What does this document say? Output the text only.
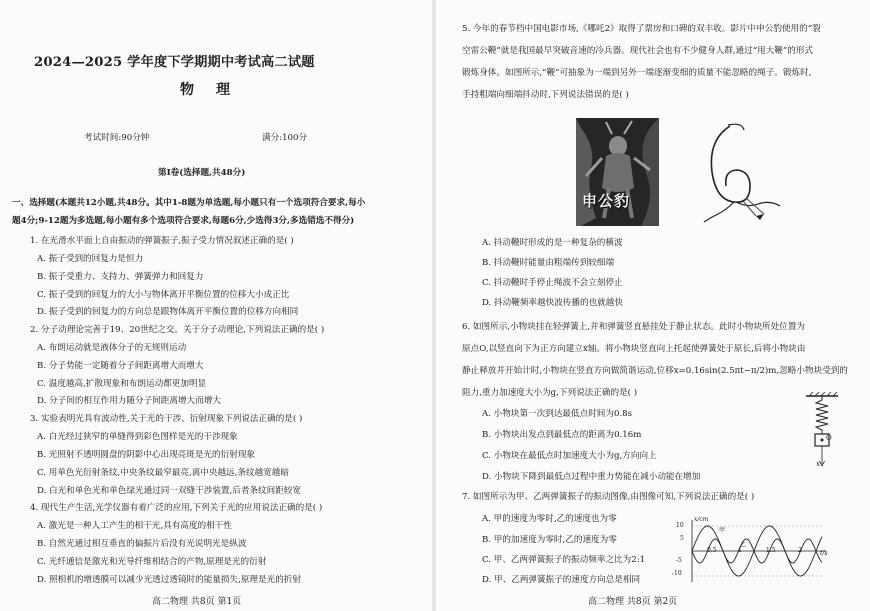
2024—2025 学年度下学期期中考试高二试题
物理
考试时间:90分钟	满分:100分
第Ⅰ卷(选择题,共48分)
一、选择题(本题共12小题,共48分。其中1-8题为单选题,每小题只有一个选项符合要求,每小
题4分;9-12题为多选题,每小题有多个选项符合要求,每题6分,少选得3分,多选错选不得分)
1. 在光滑水平面上自由振动的弹簧振子,振子受力情况叙述正确的是( )
A. 振子受到的回复力是恒力
B. 振子受重力、支持力、弹簧弹力和回复力
C. 振子受到的回复力的大小与物体离开平衡位置的位移大小成正比
D. 振子受到的回复力的方向总是跟物体离开平衡位置的位移方向相同
2. 分子动理论完善于19、20世纪之交。关于分子动理论,下列说法正确的是( )
A. 布朗运动就是液体分子的无规则运动
B. 分子势能一定随着分子间距离增大而增大
C. 温度越高,扩散现象和布朗运动都更加明显
D. 分子间的相互作用力随分子间距离增大而增大
3. 实验表明光具有波动性,关于光的干涉、衍射现象下列说法正确的是( )
A. 白光经过狭窄的单缝得到彩色图样是光的干涉现象
B. 光照射不透明圆盘的阴影中心出现亮斑是光的衍射现象
C. 用单色光衍射条纹,中央条纹最窄最亮,离中央越远,条纹越宽越暗
D. 白光和单色光和单色绿光通过同一双缝干涉装置,后者条纹间距较宽
4. 现代生产生活,光学仪器有着广泛的应用,下列关于光的应用说法正确的是( )
A. 激光是一种人工产生的相干光,具有高度的相干性
B. 自然光通过相互垂直的偏振片后没有光说明光是纵波
C. 光纤通信是激光和光导纤维相结合的产物,原理是光的衍射
D. 照相机的增透膜可以减少光透过透镜时的能量损失,原理是光的折射
高二物理 共8页 第1页
5. 今年的春节档中国电影市场,《哪吒2》取得了票房和口碑的双丰收。影片中申公豹使用的“裂
空雷公鞭”就是我国最早突破音速的冷兵器。现代社会也有不少健身人群,通过“甩大鞭”的形式
锻炼身体。如图所示,“鞭”可抽象为一端到另外一端逐渐变细的质量不能忽略的绳子。锻炼时,
手持粗端向细端抖动时,下列说法错误的是( )
申公豹
A. 抖动鞭时形成的是一种复杂的横波
B. 抖动鞭时能量由粗端传到较细端
C. 抖动鞭时手停止绳波不会立刻停止
D. 抖动鞭频率越快波传播的也就越快
6. 如图所示,小物块挂在轻弹簧上,并和弹簧竖直悬挂处于静止状态。此时小物块所处位置为
原点O,以竖直向下为正方向建立x轴。将小物块竖直向上托起使弹簧处于原长,后将小物块由
静止释放并开始计时,小物块在竖直方向做简谐运动,位移x=0.16sin(2.5πt−π/2)m,忽略小物块受到的
阻力,重力加速度大小为g,下列说法正确的是( )
A. 小物块第一次到达最低点时间为0.8s
B. 小物块出发点到最低点的距离为0.16m
C. 小物块在最低点时加速度大小为g,方向向上
D. 小物块下降到最低点过程中重力势能在减小动能在增加
O
x
7. 如图所示为甲、乙两弹簧振子的振动图像,由图像可知,下列说法正确的是( )
A. 甲的速度为零时,乙的速度也为零
B. 甲的加速度为零时,乙的速度为零
C. 甲、乙两弹簧振子的振动频率之比为2:1
D. 甲、乙两弹簧振子的速度方向总是相同
x/cm
10
5
-5
-10
0.5	1	1.5	2	t/s
甲
乙
高二物理 共8页 第2页
